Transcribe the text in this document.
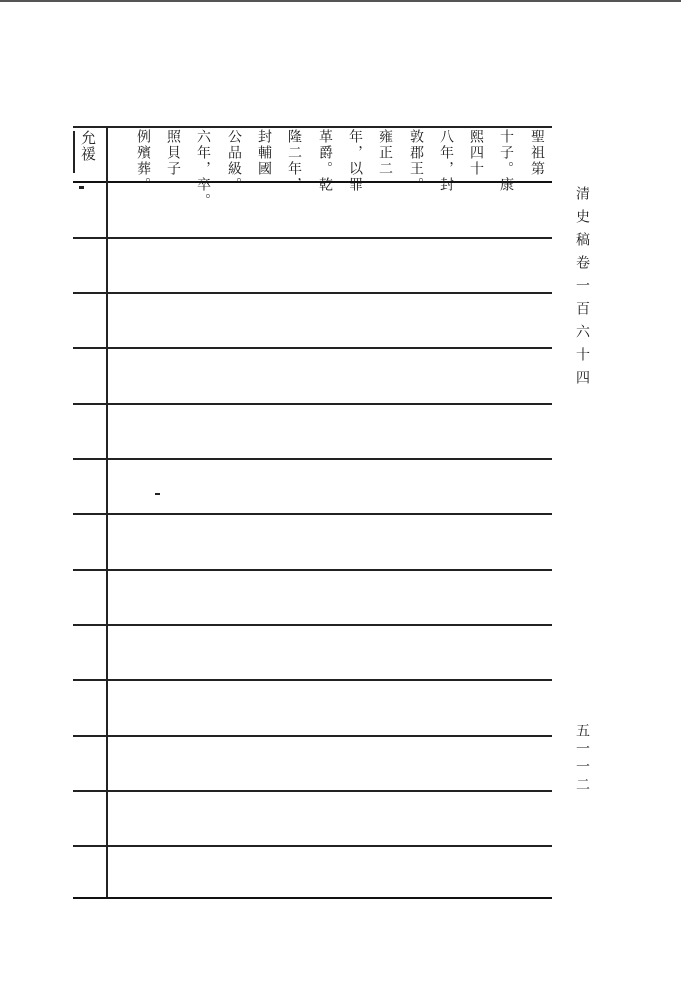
允禐	聖祖第
十子。康
熙四十
八年，封
敦郡王。
雍正二
年，以罪
革爵。乾
隆二年，
封輔國
公品級。
六年，卒。
照貝子
例殯葬。
清史稿卷一百六十四
五一一二
